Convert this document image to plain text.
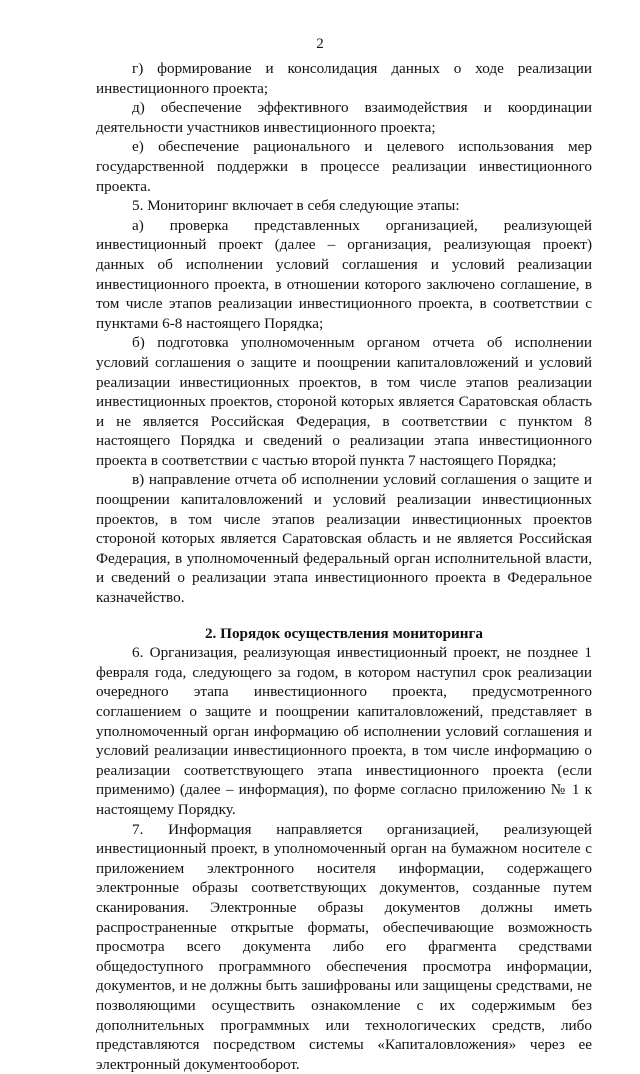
2

г) формирование и консолидация данных о ходе реализации инвестиционного проекта;

д) обеспечение эффективного взаимодействия и координации деятельности участников инвестиционного проекта;

е) обеспечение рационального и целевого использования мер государственной поддержки в процессе реализации инвестиционного проекта.

5. Мониторинг включает в себя следующие этапы:

а) проверка представленных организацией, реализующей инвестиционный проект (далее – организация, реализующая проект) данных об исполнении условий соглашения и условий реализации инвестиционного проекта, в отношении которого заключено соглашение, в том числе этапов реализации инвестиционного проекта, в соответствии с пунктами 6-8 настоящего Порядка;

б) подготовка уполномоченным органом отчета об исполнении условий соглашения о защите и поощрении капиталовложений и условий реализации инвестиционных проектов, в том числе этапов реализации инвестиционных проектов, стороной которых является Саратовская область и не является Российская Федерация, в соответствии с пунктом 8 настоящего Порядка и сведений о реализации этапа инвестиционного проекта в соответствии с частью второй пункта 7 настоящего Порядка;

в) направление отчета об исполнении условий соглашения о защите и поощрении капиталовложений и условий реализации инвестиционных проектов, в том числе этапов реализации инвестиционных проектов стороной которых является Саратовская область и не является Российская Федерация, в уполномоченный федеральный орган исполнительной власти, и сведений о реализации этапа инвестиционного проекта в Федеральное казначейство.

2. Порядок осуществления мониторинга

6. Организация, реализующая инвестиционный проект, не позднее 1 февраля года, следующего за годом, в котором наступил срок реализации очередного этапа инвестиционного проекта, предусмотренного соглашением о защите и поощрении капиталовложений, представляет в уполномоченный орган информацию об исполнении условий соглашения и условий реализации инвестиционного проекта, в том числе информацию о реализации соответствующего этапа инвестиционного проекта (если применимо) (далее – информация), по форме согласно приложению № 1 к настоящему Порядку.

7. Информация направляется организацией, реализующей инвестиционный проект, в уполномоченный орган на бумажном носителе с приложением электронного носителя информации, содержащего электронные образы соответствующих документов, созданные путем сканирования. Электронные образы документов должны иметь распространенные открытые форматы, обеспечивающие возможность просмотра всего документа либо его фрагмента средствами общедоступного программного обеспечения просмотра информации, документов, и не должны быть зашифрованы или защищены средствами, не позволяющими осуществить ознакомление с их содержимым без дополнительных программных или технологических средств, либо представляются посредством системы «Капиталовложения» через ее электронный документооборот.
